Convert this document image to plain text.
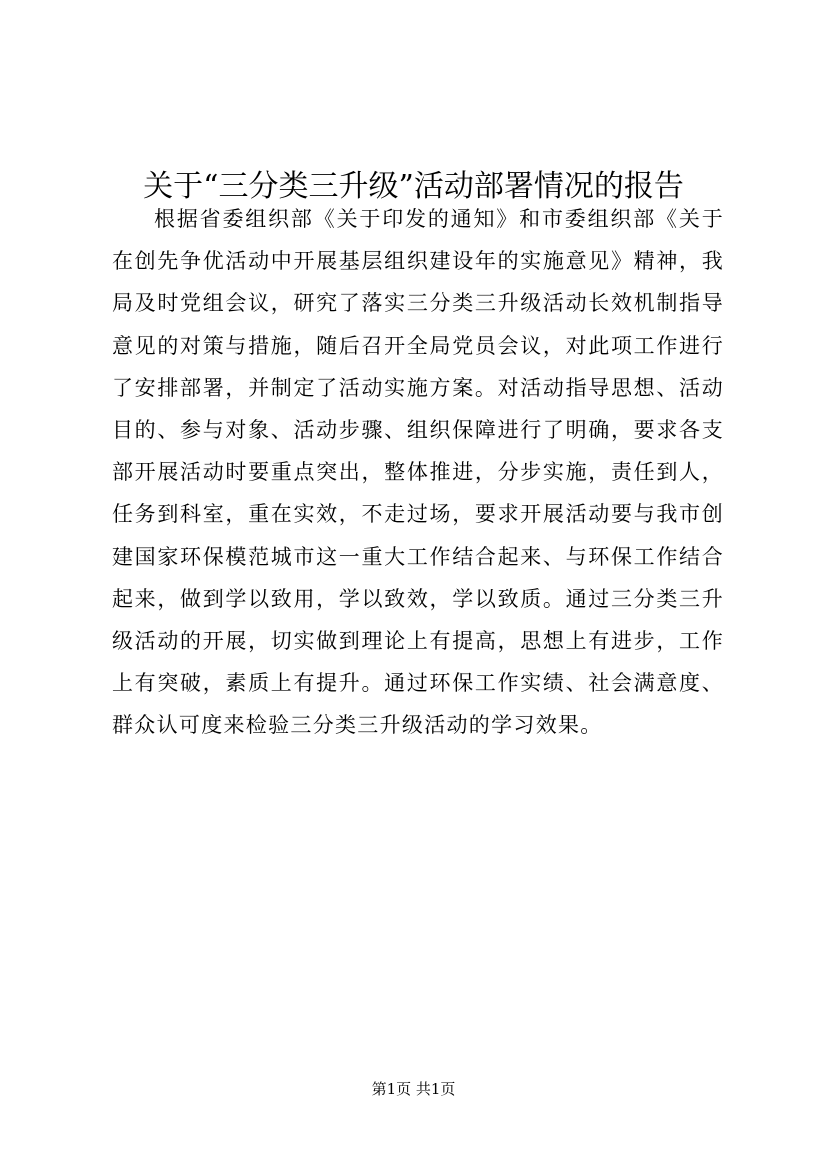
关于“三分类三升级”活动部署情况的报告

根据省委组织部《关于印发的通知》和市委组织部《关于在创先争优活动中开展基层组织建设年的实施意见》精神，我局及时党组会议，研究了落实三分类三升级活动长效机制指导意见的对策与措施，随后召开全局党员会议，对此项工作进行了安排部署，并制定了活动实施方案。对活动指导思想、活动目的、参与对象、活动步骤、组织保障进行了明确，要求各支部开展活动时要重点突出，整体推进，分步实施，责任到人，任务到科室，重在实效，不走过场，要求开展活动要与我市创建国家环保模范城市这一重大工作结合起来、与环保工作结合起来，做到学以致用，学以致效，学以致质。通过三分类三升级活动的开展，切实做到理论上有提高，思想上有进步，工作上有突破，素质上有提升。通过环保工作实绩、社会满意度、群众认可度来检验三分类三升级活动的学习效果。

第1页 共1页
